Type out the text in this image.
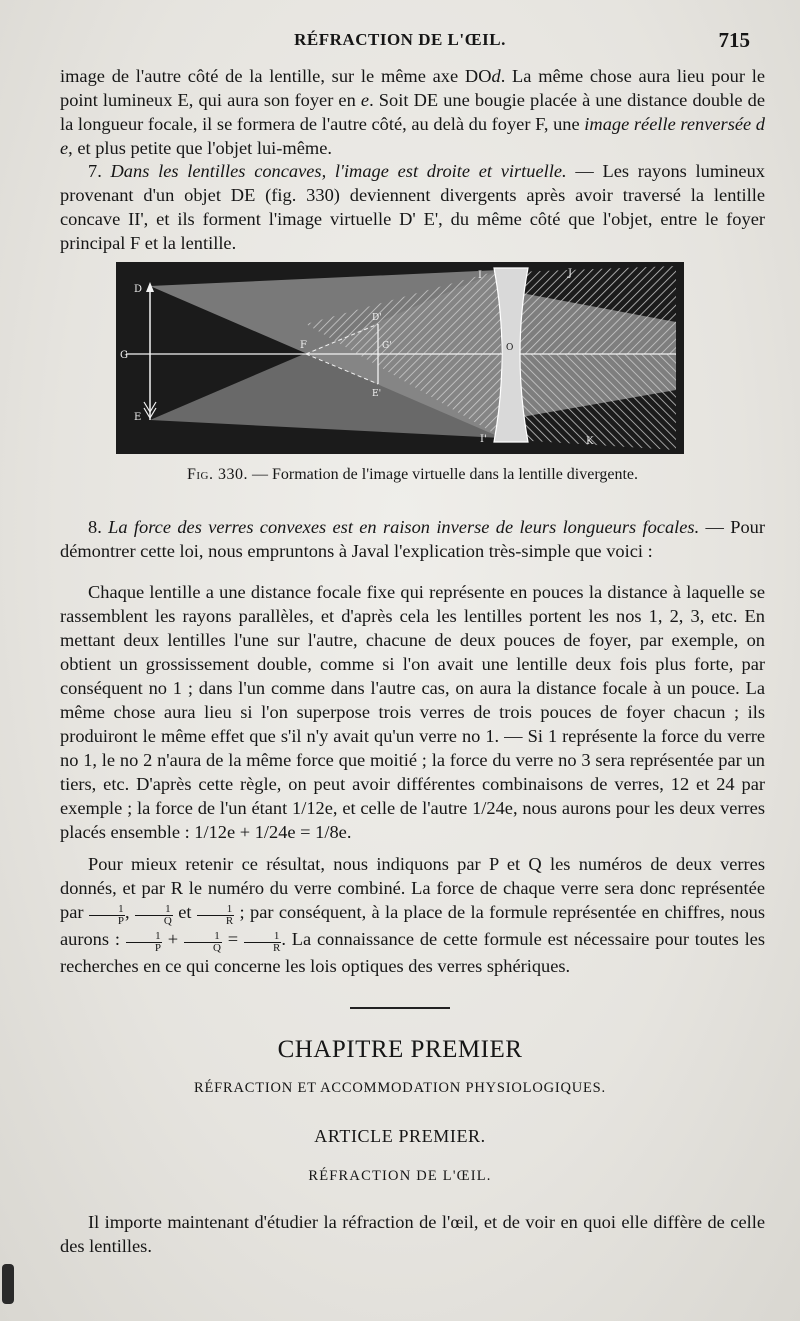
RÉFRACTION DE L'ŒIL.	715

image de l'autre côté de la lentille, sur le même axe DOd. La même chose aura lieu pour le point lumineux E, qui aura son foyer en e. Soit DE une bougie placée à une distance double de la longueur focale, il se formera de l'autre côté, au delà du foyer F, une image réelle renversée d e, et plus petite que l'objet lui-même.

7. Dans les lentilles concaves, l'image est droite et virtuelle. — Les rayons lumineux provenant d'un objet DE (fig. 330) deviennent divergents après avoir traversé la lentille concave II', et ils forment l'image virtuelle D' E', du même côté que l'objet, entre le foyer principal F et la lentille.

D
G
E
F
D'
G'
E'
O
I
I'
J
K
Fig. 330. — Formation de l'image virtuelle dans la lentille divergente.

8. La force des verres convexes est en raison inverse de leurs longueurs focales. — Pour démontrer cette loi, nous empruntons à Javal l'explication très-simple que voici :

Chaque lentille a une distance focale fixe qui représente en pouces la distance à laquelle se rassemblent les rayons parallèles, et d'après cela les lentilles portent les nos 1, 2, 3, etc. En mettant deux lentilles l'une sur l'autre, chacune de deux pouces de foyer, par exemple, on obtient un grossissement double, comme si l'on avait une lentille deux fois plus forte, par conséquent no 1 ; dans l'un comme dans l'autre cas, on aura la distance focale à un pouce. La même chose aura lieu si l'on superpose trois verres de trois pouces de foyer chacun ; ils produiront le même effet que s'il n'y avait qu'un verre no 1. — Si 1 représente la force du verre no 1, le no 2 n'aura de la même force que moitié ; la force du verre no 3 sera représentée par un tiers, etc. D'après cette règle, on peut avoir différentes combinaisons de verres, 12 et 24 par exemple ; la force de l'un étant 1/12e, et celle de l'autre 1/24e, nous aurons pour les deux verres placés ensemble : 1/12e + 1/24e = 1/8e.

Pour mieux retenir ce résultat, nous indiquons par P et Q les numéros de deux verres donnés, et par R le numéro du verre combiné. La force de chaque verre sera donc représentée par $\frac{1}{P}$ , $\frac{1}{Q}$ et $\frac{1}{R}$ ; par conséquent, à la place de la formule représentée en chiffres, nous aurons : $\frac{1}{P} + \frac{1}{Q} = \frac{1}{R}$ . La connaissance de cette formule est nécessaire pour toutes les recherches en ce qui concerne les lois optiques des verres sphériques.

CHAPITRE PREMIER
RÉFRACTION ET ACCOMMODATION PHYSIOLOGIQUES.
ARTICLE PREMIER.
RÉFRACTION DE L'ŒIL.

Il importe maintenant d'étudier la réfraction de l'œil, et de voir en quoi elle diffère de celle des lentilles.
